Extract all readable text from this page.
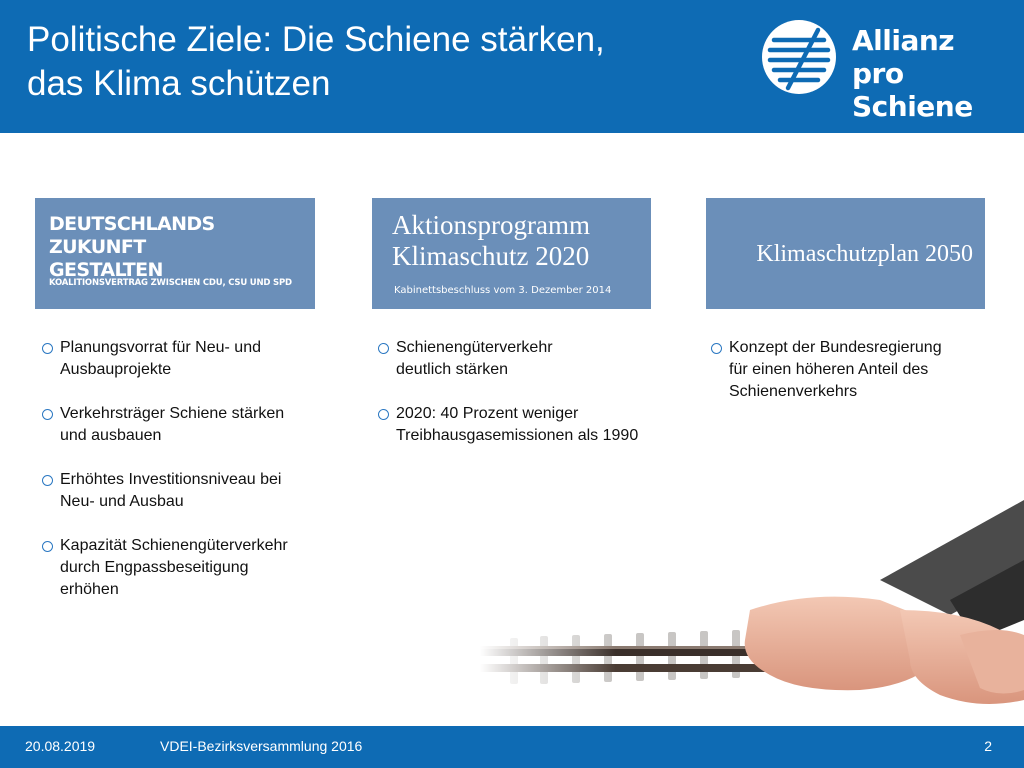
Politische Ziele: Die Schiene stärken,
das Klima schützen
Allianz
pro Schiene
DEUTSCHLANDS ZUKUNFT
GESTALTEN
KOALITIONSVERTRAG ZWISCHEN CDU, CSU UND SPD
Aktionsprogramm
Klimaschutz 2020
Kabinettsbeschluss vom 3. Dezember 2014
Klimaschutzplan 2050
Planungsvorrat für Neu- und
Ausbauprojekte
Verkehrsträger Schiene stärken
und ausbauen
Erhöhtes Investitionsniveau bei
Neu- und Ausbau
Kapazität Schienengüterverkehr
durch Engpassbeseitigung
erhöhen
Schienengüterverkehr
deutlich stärken
2020: 40 Prozent weniger
Treibhausgasemissionen als 1990
Konzept der Bundesregierung
für einen höheren Anteil des
Schienenverkehrs
20.08.2019	VDEI-Bezirksversammlung 2016	2
